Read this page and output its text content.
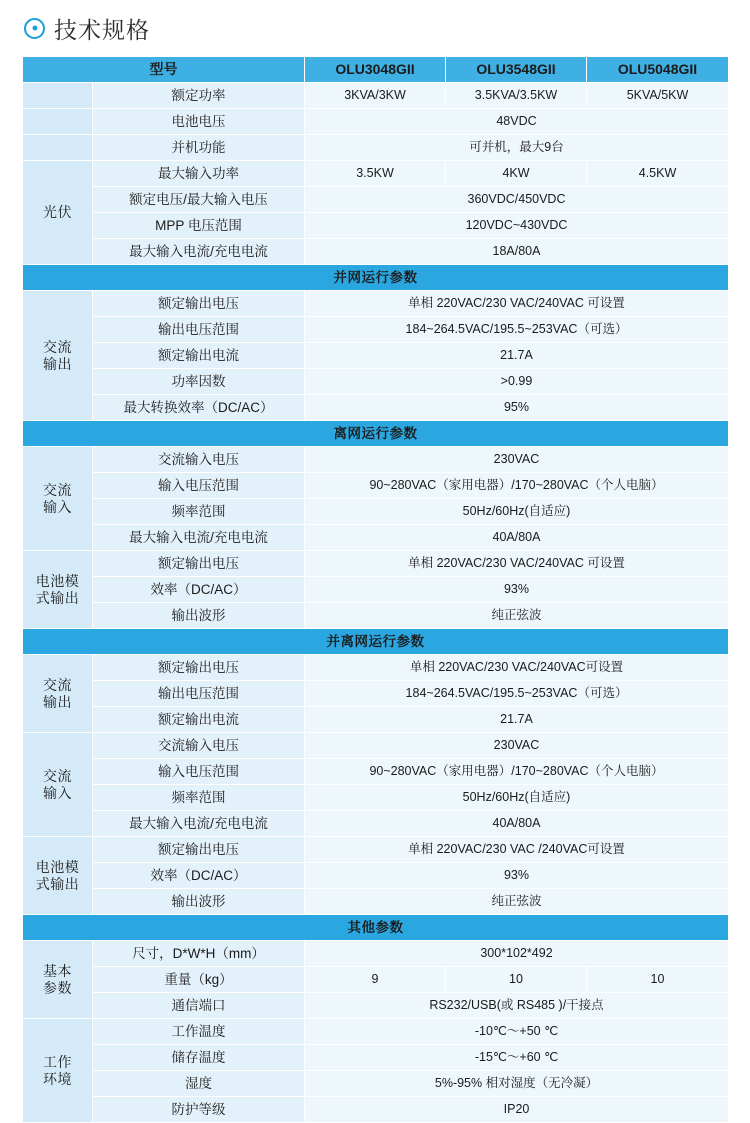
技术规格
型号		OLU3048GII	OLU3548GII	OLU5048GII
	额定功率	3KVA/3KW	3.5KVA/3.5KW	5KVA/5KW
	电池电压	48VDC		
	并机功能	可并机，最大9台		
光伏	最大输入功率	3.5KW	4KW	4.5KW
	额定电压/最大输入电压	360VDC/450VDC		
	MPP 电压范围	120VDC~430VDC		
	最大输入电流/充电电流	18A/80A		
并网运行参数				
交流
输出	额定输出电压	单相 220VAC/230 VAC/240VAC 可设置		
	输出电压范围	184~264.5VAC/195.5~253VAC（可选）		
	额定输出电流	21.7A		
	功率因数	>0.99		
	最大转换效率（DC/AC）	95%		
离网运行参数				
交流
输入	交流输入电压	230VAC		
	输入电压范围	90~280VAC（家用电器）/170~280VAC（个人电脑）		
	频率范围	50Hz/60Hz(自适应)		
	最大输入电流/充电电流	40A/80A		
电池模
式输出	额定输出电压	单相 220VAC/230 VAC/240VAC 可设置		
	效率（DC/AC）	93%		
	输出波形	纯正弦波		
并离网运行参数				
交流
输出	额定输出电压	单相 220VAC/230 VAC/240VAC可设置		
	输出电压范围	184~264.5VAC/195.5~253VAC（可选）		
	额定输出电流	21.7A		
交流
输入	交流输入电压	230VAC		
	输入电压范围	90~280VAC（家用电器）/170~280VAC（个人电脑）		
	频率范围	50Hz/60Hz(自适应)		
	最大输入电流/充电电流	40A/80A		
电池模
式输出	额定输出电压	单相 220VAC/230 VAC /240VAC可设置		
	效率（DC/AC）	93%		
	输出波形	纯正弦波		
其他参数				
基本
参数	尺寸，D*W*H（mm）	300*102*492		
	重量（kg）	9	10	10
	通信端口	RS232/USB(或 RS485 )/干接点		
工作
环境	工作温度	-10℃～+50 ℃		
	储存温度	-15℃～+60 ℃		
	湿度	5%-95% 相对湿度（无冷凝）		
	防护等级	IP20		
